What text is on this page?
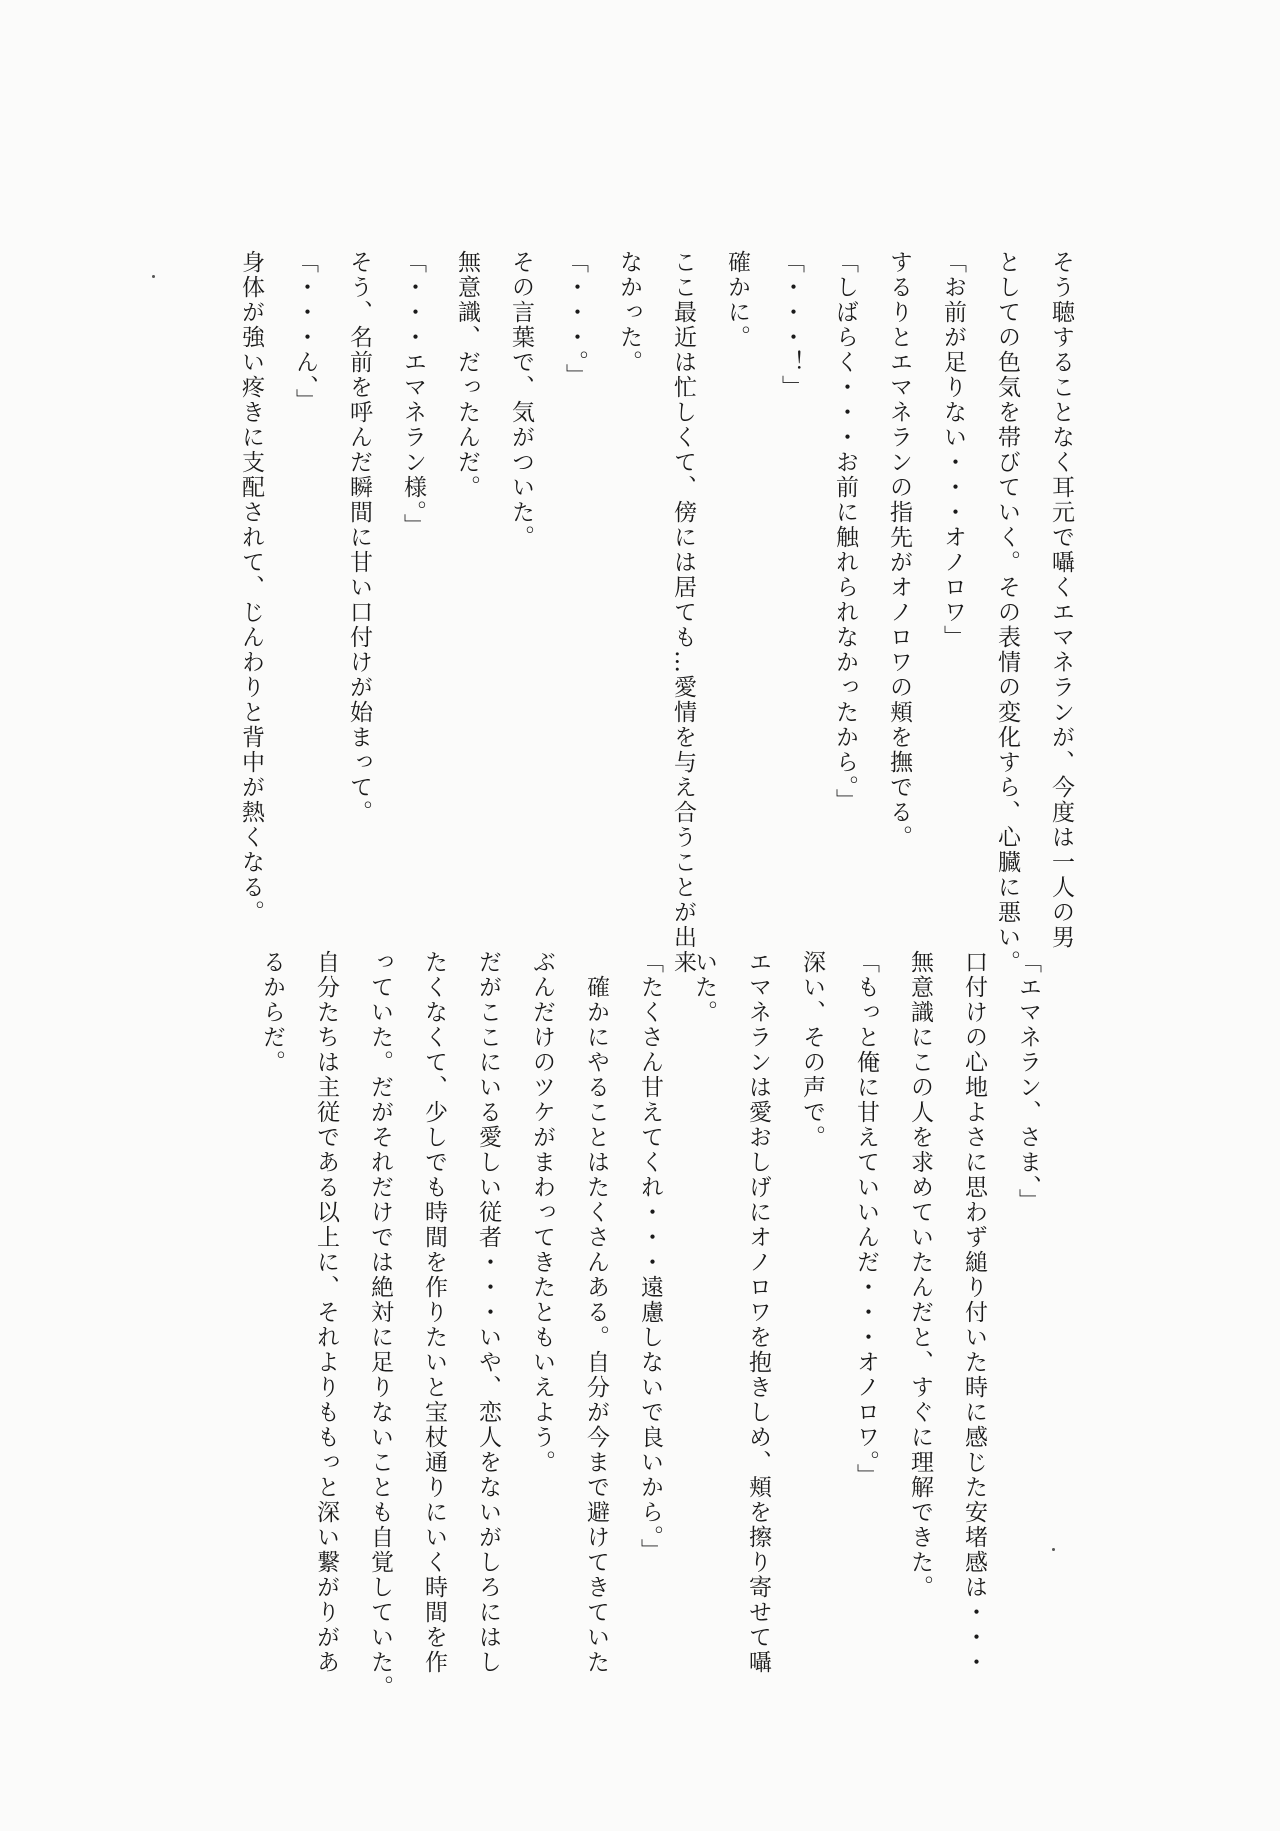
そう聴することなく耳元で囁くエマネランが、今度は一人の男

としての色気を帯びていく。その表情の変化すら、心臓に悪い。

「お前が足りない・・・オノロワ」

するりとエマネランの指先がオノロワの頬を撫でる。

「しばらく・・・お前に触れられなかったから。」

「・・・！」

確かに。

ここ最近は忙しくて、傍には居ても…愛情を与え合うことが出来

なかった。

「・・・。」

その言葉で、気がついた。

無意識、だったんだ。

「・・・エマネラン様。」

そう、名前を呼んだ瞬間に甘い口付けが始まって。

「・・・ん、」

身体が強い疼きに支配されて、じんわりと背中が熱くなる。

「エマネラン、さま、」

口付けの心地よさに思わず縋り付いた時に感じた安堵感は・・・

無意識にこの人を求めていたんだと、すぐに理解できた。

「もっと俺に甘えていいんだ・・・オノロワ。」

深い、その声で。

エマネランは愛おしげにオノロワを抱きしめ、頬を擦り寄せて囁

いた。

「たくさん甘えてくれ・・・遠慮しないで良いから。」

　確かにやることはたくさんある。自分が今まで避けてきていた

ぶんだけのツケがまわってきたともいえよう。

だがここにいる愛しい従者・・・いや、恋人をないがしろにはし

たくなくて、少しでも時間を作りたいと宝杖通りにいく時間を作

っていた。だがそれだけでは絶対に足りないことも自覚していた。

自分たちは主従である以上に、それよりももっと深い繋がりがあ

るからだ。
